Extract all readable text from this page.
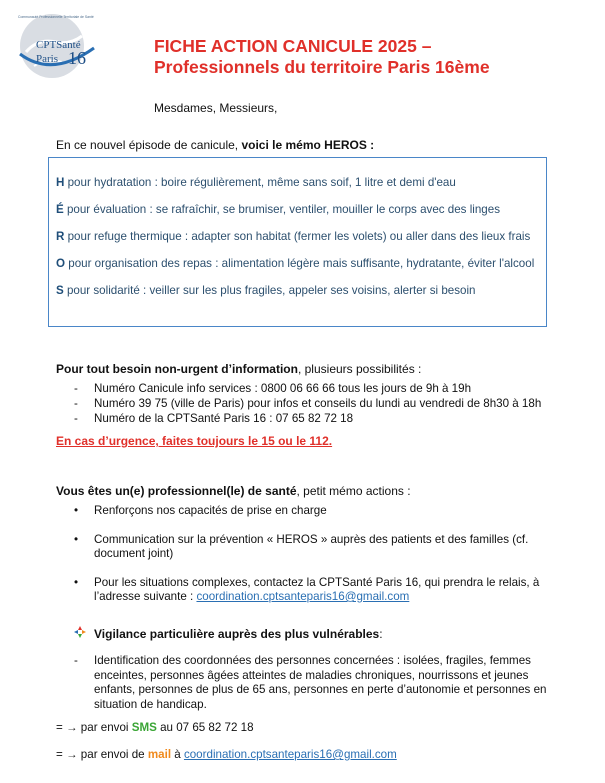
CPTSanté
Paris 16
Communauté Professionnelle Territoriale de Santé
FICHE ACTION CANICULE 2025 –
Professionnels du territoire Paris 16ème
Mesdames, Messieurs,
En ce nouvel épisode de canicule, voici le mémo HEROS :
H pour hydratation : boire régulièrement, même sans soif, 1 litre et demi d'eau
É pour évaluation : se rafraîchir, se brumiser, ventiler, mouiller le corps avec des linges
R pour refuge thermique : adapter son habitat (fermer les volets) ou aller dans des lieux frais
O pour organisation des repas : alimentation légère mais suffisante, hydratante, éviter l'alcool
S pour solidarité : veiller sur les plus fragiles, appeler ses voisins, alerter si besoin
Pour tout besoin non-urgent d’information, plusieurs possibilités :
- Numéro Canicule info services : 0800 06 66 66 tous les jours de 9h à 19h
- Numéro 39 75 (ville de Paris) pour infos et conseils du lundi au vendredi de 8h30 à 18h
- Numéro de la CPTSanté Paris 16 : 07 65 82 72 18
En cas d’urgence, faites toujours le 15 ou le 112.
Vous êtes un(e) professionnel(le) de santé, petit mémo actions :
•	Renforçons nos capacités de prise en charge
•	Communication sur la prévention « HEROS » auprès des patients et des familles (cf. document joint)
•	Pour les situations complexes, contactez la CPTSanté Paris 16, qui prendra le relais, à l’adresse suivante : coordination.cptsanteparis16@gmail.com
Vigilance particulière auprès des plus vulnérables :
-	Identification des coordonnées des personnes concernées : isolées, fragiles, femmes enceintes, personnes âgées atteintes de maladies chroniques, nourrissons et jeunes enfants, personnes de plus de 65 ans, personnes en perte d’autonomie et personnes en situation de handicap.
= → par envoi SMS au 07 65 82 72 18
= → par envoi de mail à coordination.cptsanteparis16@gmail.com
